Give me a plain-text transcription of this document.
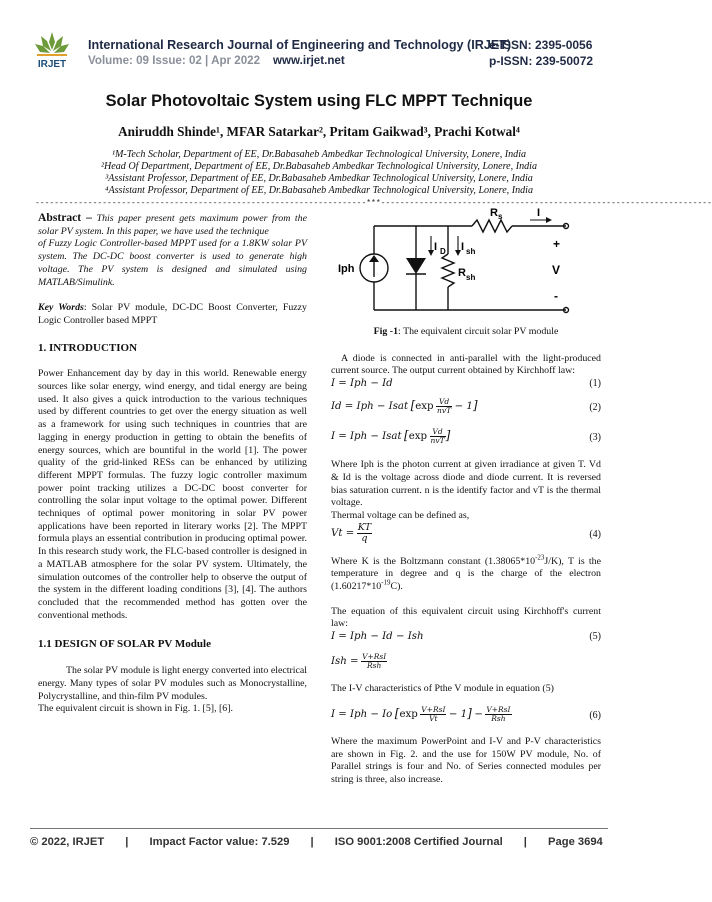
IRJET
International Research Journal of Engineering and Technology (IRJET)
e-ISSN: 2395-0056
Volume: 09 Issue: 02 | Apr 2022 www.irjet.net	p-ISSN: 239-50072
Solar Photovoltaic System using FLC MPPT Technique
Aniruddh Shinde¹, MFAR Satarkar², Pritam Gaikwad³, Prachi Kotwal⁴
¹M-Tech Scholar, Department of EE, Dr.Babasaheb Ambedkar Technological University, Lonere, India
²Head Of Department, Department of EE, Dr.Babasaheb Ambedkar Technological University, Lonere, India
³Assistant Professor, Department of EE, Dr.Babasaheb Ambedkar Technological University, Lonere, India
⁴Assistant Professor, Department of EE, Dr.Babasaheb Ambedkar Technological University, Lonere, India
---------------------------------------------------------------------***---------------------------------------------------------------------

Abstract – This paper present gets maximum power from the solar PV system. In this paper, we have used the technique

of Fuzzy Logic Controller-based MPPT used for a 1.8KW solar PV system. The DC-DC boost converter is used to generate high voltage. The PV system is designed and simulated using MATLAB/Simulink.

Key Words: Solar PV module, DC-DC Boost Converter, Fuzzy Logic Controller based MPPT

1. INTRODUCTION

Power Enhancement day by day in this world. Renewable energy sources like solar energy, wind energy, and tidal energy are being used. It also gives a quick introduction to the various techniques used by different countries to get over the energy situation as well as a framework for using such techniques in countries that are lagging in energy production in getting to obtain the benefits of energy sources, which are bountiful in the world [1]. The power quality of the grid-linked RESs can be enhanced by utilizing different MPPT formulas. The fuzzy logic controller maximum power point tracking utilizes a DC-DC boost converter for controlling the solar input voltage to the optimal power. Different techniques of optimal power monitoring in solar PV power applications have been reported in literary works [2]. The MPPT formula plays an essential contribution in producing optimal power. In this research study work, the FLC-based controller is designed in a MATLAB atmosphere for the solar PV system. Ultimately, the simulation outcomes of the controller help to observe the output of the system in the different loading conditions [3], [4]. The authors concluded that the recommended method has gotten over the conventional methods.

1.1 DESIGN OF SOLAR PV Module

The solar PV module is light energy converted into electrical energy. Many types of solar PV modules such as Monocrystalline, Polycrystalline, and thin-film PV modules.

The equivalent circuit is shown in Fig. 1. [5], [6].

Iph
I D I sh
R sh
R s	I
+
V
-

Fig -1: The equivalent circuit solar PV module

A diode is connected in anti-parallel with the light-produced current source. The output current obtained by Kirchhoff law:

I = Iph − Id	(1)
Id = Iph − Isat $[\exp \frac{Vd}{\text{nvT}} - 1]$	(2)
I = Iph − Isat [$\exp \frac{Vd}{\text{nvT}}$ ]	(3)

Where Iph is the photon current at given irradiance at given T. Vd & Id is the voltage across diode and diode current. It is reversed bias saturation current. n is the identify factor and vT is the thermal voltage.

Thermal voltage can be defined as,

$Vt = \frac{KT}{q}$	(4)

Where K is the Boltzmann constant $(1.38065*10^{-23}J/K)$, T is the temperature in degree and q is the charge of the electron $(1.60217*10^{-19}C)$.

The equation of this equivalent circuit using Kirchhoff's current law:

I = Iph − Id − Ish	(5)
Ish = $\frac{\text{V+RsI}}{\text{Rsh}}$

The I-V characteristics of Pthe V module in equation (5)

I = Iph − Io $[\exp \frac{\text{V+RsI}}{Vt} - 1] - \frac{\text{V+RsI}}{\text{Rsh}}$	(6)

Where the maximum PowerPoint and I-V and P-V characteristics are shown in Fig. 2. and the use for 150W PV module, No. of Parallel strings is four and No. of Series connected modules per string is three, also increase.

© 2022, IRJET | Impact Factor value: 7.529 | ISO 9001:2008 Certified Journal | Page 3694
